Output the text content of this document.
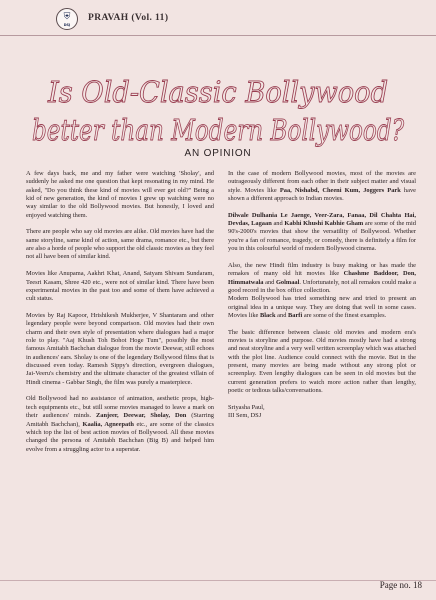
⛨
DSJ
PRAVAH (Vol. 11)
Is Old-Classic Bollywood
better than Modern Bollywood?
AN OPINION

A few days back, me and my father were watching 'Sholay', and suddenly he asked me one question that kept resonating in my mind. He asked, "Do you think these kind of movies will ever get old?" Being a kid of new generation, the kind of movies I grew up watching were no way similar to the old Bollywood movies. But honestly, I loved and enjoyed watching them.

There are people who say old movies are alike. Old movies have had the same storyline, same kind of action, same drama, romance etc., but there are also a horde of people who support the old classic movies as they feel not all have been of similar kind.

Movies like Anupama, Aakhri Khat, Anand, Satyam Shivam Sundaram, Teesri Kasam, Shree 420 etc., were not of similar kind. There have been experimental movies in the past too and some of them have achieved a cult status.

Movies by Raj Kapoor, Hrishikesh Mukherjee, V Shantaram and other legendary people were beyond comparison. Old movies had their own charm and their own style of presentation where dialogues had a major role to play. "Aaj Khush Toh Bohot Hoge Tum", possibly the most famous Amitabh Bachchan dialogue from the movie Deewar, still echoes in audiences' ears. Sholay is one of the legendary Bollywood films that is discussed even today. Ramesh Sippy's direction, evergreen dialogues, Jai-Veeru's chemistry and the ultimate character of the greatest villain of Hindi cinema - Gabbar Singh, the film was purely a masterpiece.

Old Bollywood had no assistance of animation, aesthetic props, high-tech equipments etc., but still some movies managed to leave a mark on their audiences' minds. Zanjeer, Deewar, Sholay, Don (Starring Amitabh Bachchan), Kaalia, Agneepath etc., are some of the classics which top the list of best action movies of Bollywood. All these movies changed the persona of Amitabh Bachchan (Big B) and helped him evolve from a struggling actor to a superstar.

In the case of modern Bollywood movies, most of the movies are outrageously different from each other in their subject matter and visual style. Movies like Paa, Nishabd, Cheeni Kum, Joggers Park have shown a different approach to Indian movies.

Dilwale Dulhania Le Jaenge, Veer-Zara, Fanaa, Dil Chahta Hai, Devdas, Lagaan and Kabhi Khushi Kabhie Gham are some of the mid 90's-2000's movies that show the versatility of Bollywood. Whether you're a fan of romance, tragedy, or comedy, there is definitely a film for you in this colourful world of modern Bollywood cinema.

Also, the new Hindi film industry is busy making or has made the remakes of many old hit movies like Chashme Baddoor, Don, Himmatwala and Golmaal. Unfortunately, not all remakes could make a good record in the box office collection.

Modern Bollywood has tried something new and tried to present an original idea in a unique way. They are doing that well in some cases. Movies like Black and Barfi are some of the finest examples.

The basic difference between classic old movies and modern era's movies is storyline and purpose. Old movies mostly have had a strong and neat storyline and a very well written screenplay which was attached with the plot line. Audience could connect with the movie. But in the present, many movies are being made without any strong plot or screenplay. Even lengthy dialogues can be seen in old movies but the current generation prefers to watch more action rather than lengthy, poetic or tedious talks/conversations.

Sriyasha Paul,
III Sem, DSJ
Page no. 18
